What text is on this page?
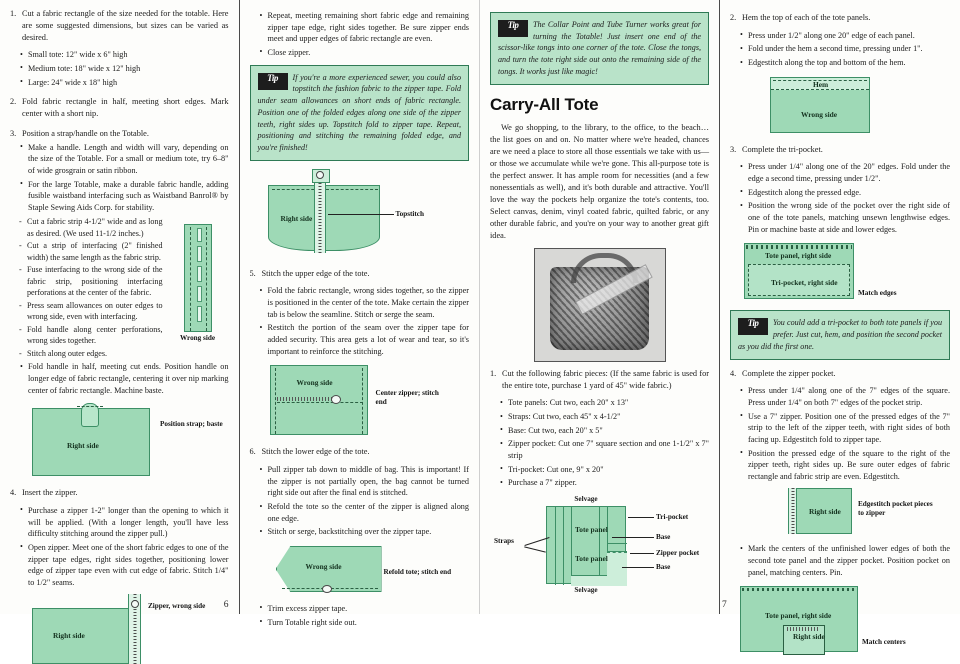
1. Cut a fabric rectangle of the size needed for the totable. Here are some suggested dimensions, but sizes can be varied as desired.
• Small tote: 12" wide x 6" high
• Medium tote: 18" wide x 12" high
• Large: 24" wide x 18" high
2. Fold fabric rectangle in half, meeting short edges. Mark center with a short nip.
3. Position a strap/handle on the Totable.
• Make a handle. Length and width will vary, depending on the size of the Totable. For a small or medium tote, try 6–8" of wide grosgrain or satin ribbon.
• For the large Totable, make a durable fabric handle, adding fusible waistband interfacing such as Waistband Banrol® by Staple Sewing Aids Corp. for stability.
Wrong side
- Cut a fabric strip 4-1/2" wide and as long as desired. (We used 11-1/2 inches.)
- Cut a strip of interfacing (2" finished width) the same length as the fabric strip.
- Fuse interfacing to the wrong side of the fabric strip, positioning interfacing perforations at the center of the fabric.
- Press seam allowances on outer edges to wrong side, even with interfacing.
- Fold handle along center perforations, wrong sides together.
- Stitch along outer edges.
• Fold handle in half, meeting cut ends. Position handle on longer edge of fabric rectangle, centering it over nip marking center of fabric rectangle. Machine baste.
Right side
Position strap; baste
4. Insert the zipper.
• Purchase a zipper 1-2" longer than the opening to which it will be applied. (With a longer length, you'll have less difficulty stitching around the zipper pull.)
• Open zipper. Meet one of the short fabric edges to one of the zipper tape edges, right sides together, positioning lower edge of zipper tape even with cut edge of fabric. Stitch 1/4" to 1/2" seams.
Right side
Zipper, wrong side	6
• Repeat, meeting remaining short fabric edge and remaining zipper tape edge, right sides together. Be sure zipper ends meet and upper edges of fabric rectangle are even.
• Close zipper.
Tip	If you're a more experienced sewer, you could also topstitch the fashion fabric to the zipper tape. Fold under seam allowances on short ends of fabric rectangle. Position one of the folded edges along one side of the zipper teeth, right sides up. Topstitch fold to zipper tape. Repeat, positioning and stitching the remaining folded edge, and you're finished!
Right side	Topstitch
5. Stitch the upper edge of the tote.
• Fold the fabric rectangle, wrong sides together, so the zipper is positioned in the center of the tote. Make certain the zipper tab is below the seamline. Stitch or serge the seam.
• Restitch the portion of the seam over the zipper tape for added security. This area gets a lot of wear and tear, so it's important to reinforce the stitching.
Wrong side
Center zipper; stitch end
6. Stitch the lower edge of the tote.
• Pull zipper tab down to middle of bag. This is important! If the zipper is not partially open, the bag cannot be turned right side out after the final end is stitched.
• Refold the tote so the center of the zipper is aligned along one edge.
• Stitch or serge, backstitching over the zipper tape.
Wrong side
Refold tote; stitch end
• Trim excess zipper tape.
• Turn Totable right side out.
Tip	The Collar Point and Tube Turner works great for turning the Totable! Just insert one end of the scissor-like tongs into one corner of the tote. Close the tongs, and turn the tote right side out onto the remaining side of the tongs. It works just like magic!
Carry-All Tote
We go shopping, to the library, to the office, to the beach… the list goes on and on. No matter where we're headed, chances are we need a place to store all those essentials we take with us—or those we accumulate while we're gone. This all-purpose tote is the perfect answer. It has ample room for necessities (and a few nonessentials as well), and it's both durable and attractive. You'll love the way the pockets help organize the tote's contents, too. Select canvas, denim, vinyl coated fabric, quilted fabric, or any other durable fabric, and you're on your way to another great gift idea.
1. Cut the following fabric pieces: (If the same fabric is used for the entire tote, purchase 1 yard of 45" wide fabric.)
• Tote panels: Cut two, each 20" x 13"
• Straps: Cut two, each 45" x 4-1/2"
• Base: Cut two, each 20" x 5"
• Zipper pocket: Cut one 7" square section and one 1-1/2" x 7" strip
• Tri-pocket: Cut one, 9" x 20"
• Purchase a 7" zipper.
Selvage
Tote panel
Tote panel
Selvage
Straps
Tri-pocket
Base
Zipper pocket
Base
2. Hem the top of each of the tote panels.
• Press under 1/2" along one 20" edge of each panel.
• Fold under the hem a second time, pressing under 1".
• Edgestitch along the top and bottom of the hem.
Hem
Wrong side
3. Complete the tri-pocket.
• Press under 1/4" along one of the 20" edges. Fold under the edge a second time, pressing under 1/2".
• Edgestitch along the pressed edge.
• Position the wrong side of the pocket over the right side of one of the tote panels, matching unsewn lengthwise edges. Pin or machine baste at side and lower edges.
Tote panel, right side
Tri-pocket, right side
Match edges
Tip	You could add a tri-pocket to both tote panels if you prefer. Just cut, hem, and position the second pocket as you did the first one.
4. Complete the zipper pocket.
• Press under 1/4" along one of the 7" edges of the square. Press under 1/4" on both 7" edges of the pocket strip.
• Use a 7" zipper. Position one of the pressed edges of the 7" strip to the left of the zipper teeth, with right sides of both facing up. Edgestitch fold to zipper tape.
• Position the pressed edge of the square to the right of the zipper teeth, right sides up. Be sure outer edges of fabric rectangle and fabric strip are even. Edgestitch.
Right side
Edgestitch pocket pieces to zipper
• Mark the centers of the unfinished lower edges of both the second tote panel and the zipper pocket. Position pocket on panel, matching centers. Pin.
Tote panel, right side
Right side
Match centers
7
